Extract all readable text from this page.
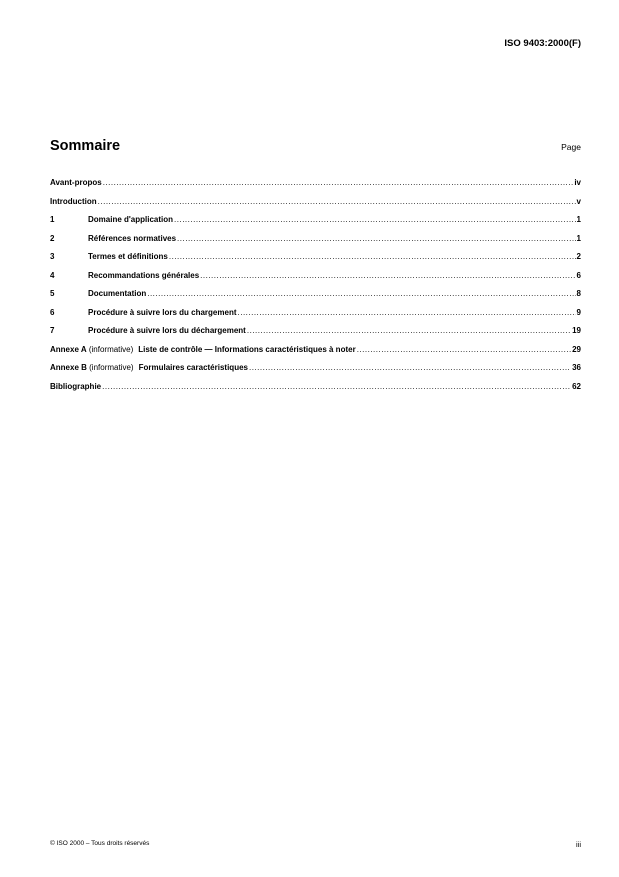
ISO 9403:2000(F)
Sommaire	Page
Avant-propos .....	iv
Introduction .....	v
1	Domaine d'application .....	1
2	Références normatives .....	1
3	Termes et définitions .....	2
4	Recommandations générales .....	6
5	Documentation .....	8
6	Procédure à suivre lors du chargement .....	9
7	Procédure à suivre lors du déchargement .....	19
Annexe A (informative) Liste de contrôle — Informations caractéristiques à noter .....	29
Annexe B (informative) Formulaires caractéristiques .....	36
Bibliographie .....	62
© ISO 2000 – Tous droits réservés	iii
